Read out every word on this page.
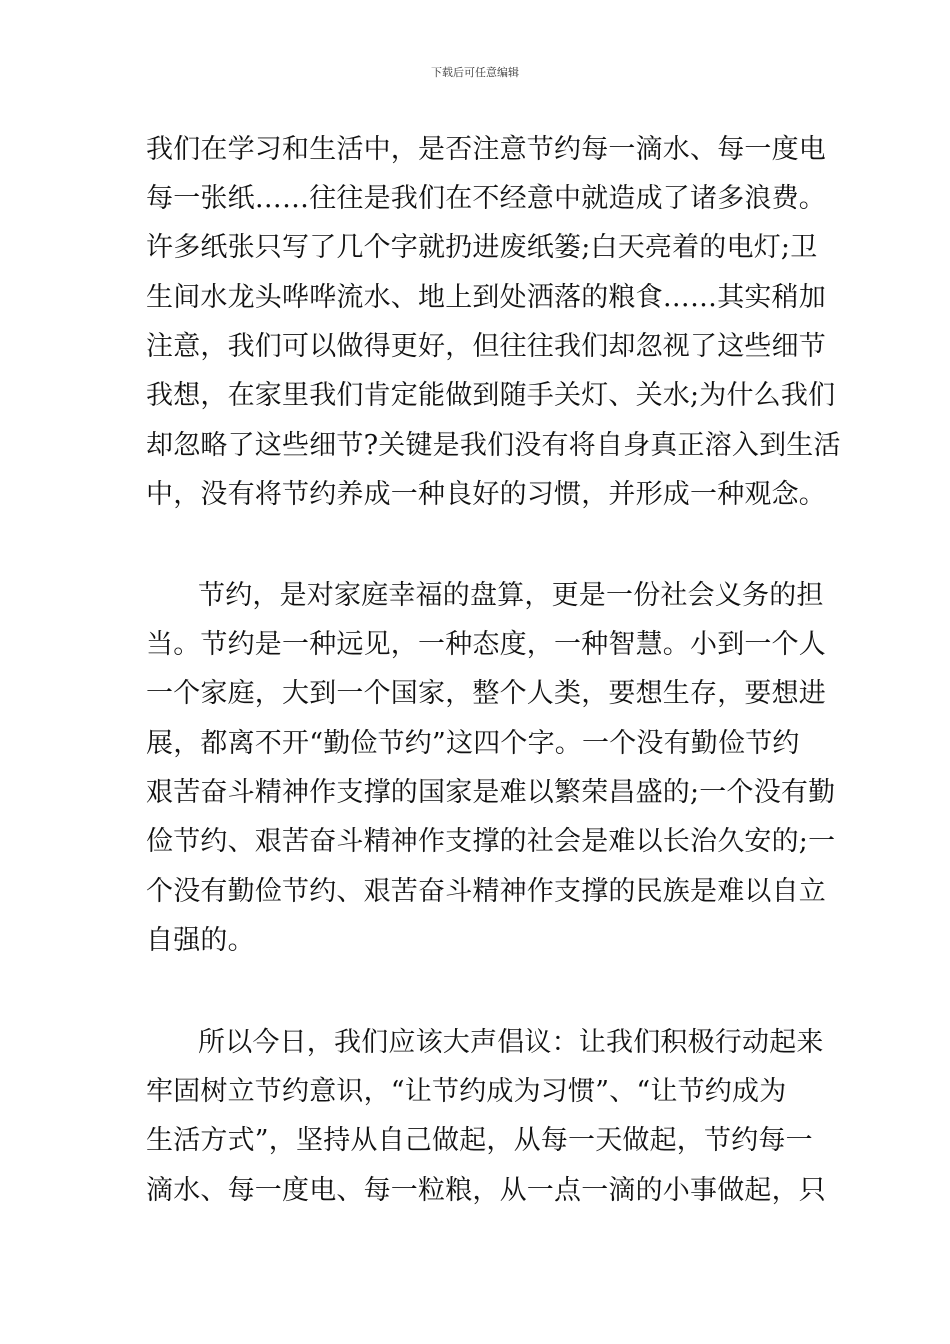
下载后可任意编辑
我们在学习和生活中，是否注意节约每一滴水、每一度电
每一张纸……往往是我们在不经意中就造成了诸多浪费。
许多纸张只写了几个字就扔进废纸篓;白天亮着的电灯;卫
生间水龙头哗哗流水、地上到处洒落的粮食……其实稍加
注意，我们可以做得更好，但往往我们却忽视了这些细节
我想，在家里我们肯定能做到随手关灯、关水;为什么我们
却忽略了这些细节?关键是我们没有将自身真正溶入到生活
中，没有将节约养成一种良好的习惯，并形成一种观念。
节约，是对家庭幸福的盘算，更是一份社会义务的担
当。节约是一种远见，一种态度，一种智慧。小到一个人
一个家庭，大到一个国家，整个人类，要想生存，要想进
展，都离不开“勤俭节约”这四个字。一个没有勤俭节约
艰苦奋斗精神作支撑的国家是难以繁荣昌盛的;一个没有勤
俭节约、艰苦奋斗精神作支撑的社会是难以长治久安的;一
个没有勤俭节约、艰苦奋斗精神作支撑的民族是难以自立
自强的。
所以今日，我们应该大声倡议：让我们积极行动起来
牢固树立节约意识，“让节约成为习惯”、“让节约成为
生活方式”，坚持从自己做起，从每一天做起，节约每一
滴水、每一度电、每一粒粮，从一点一滴的小事做起，只
